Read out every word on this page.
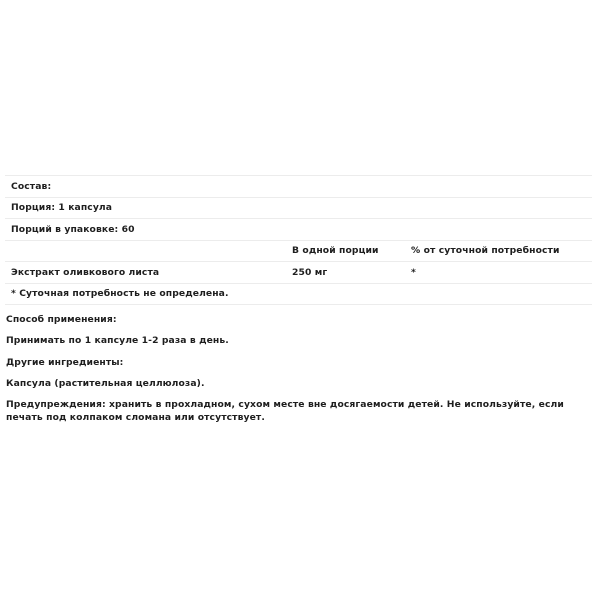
Состав:		
Порция: 1 капсула		
Порций в упаковке: 60		
	В одной порции	% от суточной потребности
Экстракт оливкового листа	250 мг	*
* Суточная потребность не определена.		
Способ применения:
Принимать по 1 капсуле 1-2 раза в день.
Другие ингредиенты:
Капсула (растительная целлюлоза).
Предупреждения: хранить в прохладном, сухом месте вне досягаемости детей. Не используйте, если печать под колпаком сломана или отсутствует.
